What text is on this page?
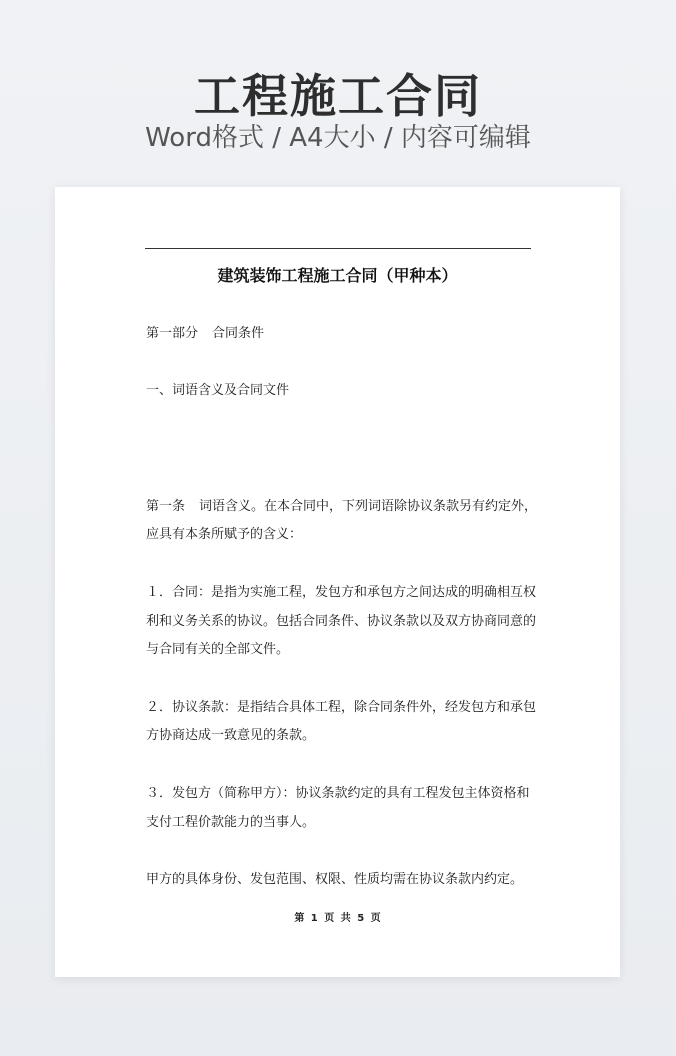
工程施工合同
Word格式 / A4大小 / 内容可编辑
建筑装饰工程施工合同（甲种本）
第一部分 合同条件
一、词语含义及合同文件
第一条 词语含义。在本合同中，下列词语除协议条款另有约定外，
应具有本条所赋予的含义：
１．合同：是指为实施工程，发包方和承包方之间达成的明确相互权
利和义务关系的协议。包括合同条件、协议条款以及双方协商同意的
与合同有关的全部文件。
２．协议条款：是指结合具体工程，除合同条件外，经发包方和承包
方协商达成一致意见的条款。
３．发包方（简称甲方）：协议条款约定的具有工程发包主体资格和
支付工程价款能力的当事人。
甲方的具体身份、发包范围、权限、性质均需在协议条款内约定。
第 1 页 共 5 页
